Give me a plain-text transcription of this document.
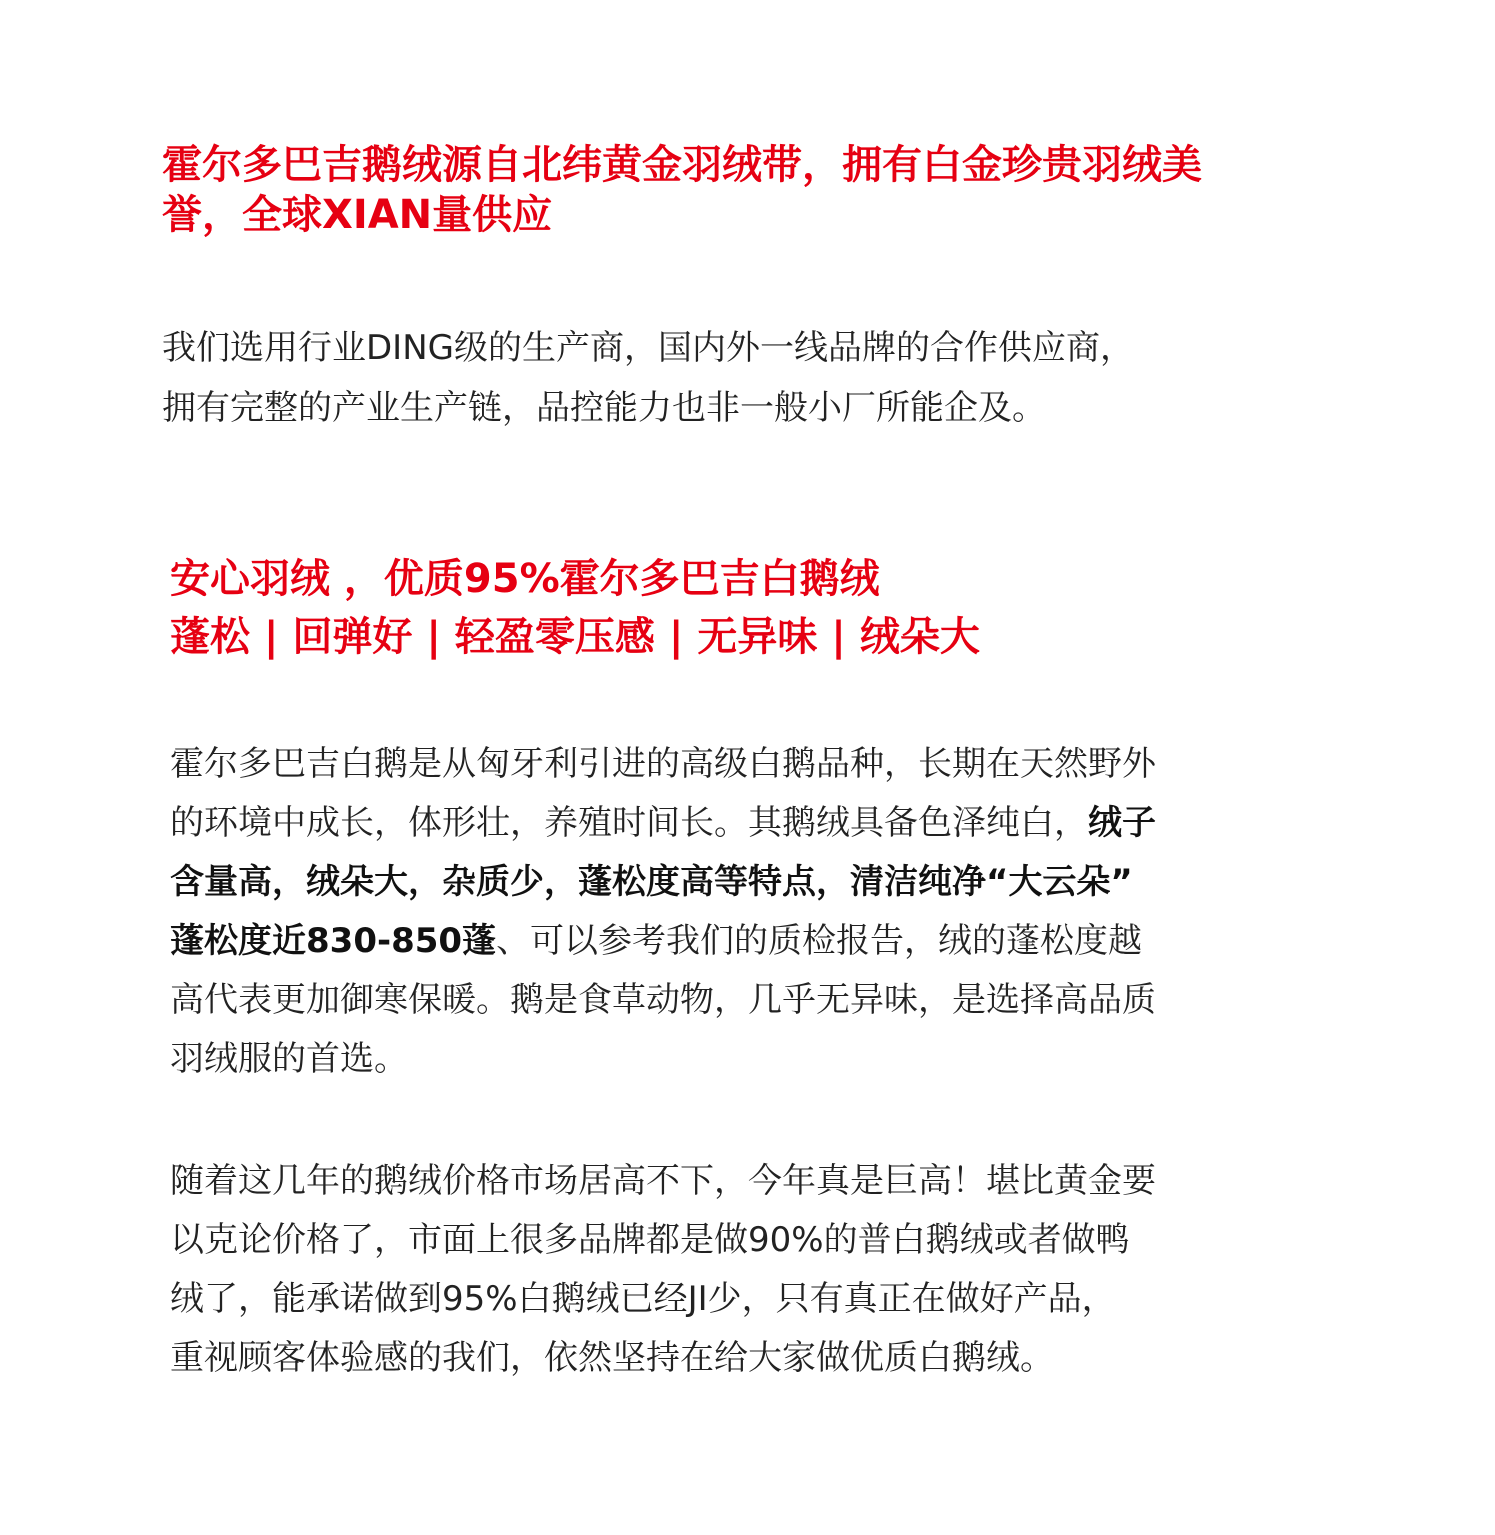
霍尔多巴吉鹅绒源自北纬黄金羽绒带，拥有白金珍贵羽绒美
誉，全球XIAN量供应
我们选用行业DING级的生产商，国内外一线品牌的合作供应商，
拥有完整的产业生产链，品控能力也非一般小厂所能企及。
安心羽绒 ，优质95%霍尔多巴吉白鹅绒
蓬松 | 回弹好 | 轻盈零压感 | 无异味 | 绒朵大
霍尔多巴吉白鹅是从匈牙利引进的高级白鹅品种，长期在天然野外
的环境中成长，体形壮，养殖时间长。其鹅绒具备色泽纯白，绒子
含量高，绒朵大，杂质少，蓬松度高等特点，清洁纯净“大云朵”
蓬松度近830-850蓬、可以参考我们的质检报告，绒的蓬松度越
高代表更加御寒保暖。鹅是食草动物，几乎无异味，是选择高品质
羽绒服的首选。
随着这几年的鹅绒价格市场居高不下，今年真是巨高！堪比黄金要
以克论价格了，市面上很多品牌都是做90%的普白鹅绒或者做鸭
绒了，能承诺做到95%白鹅绒已经JI少，只有真正在做好产品，
重视顾客体验感的我们，依然坚持在给大家做优质白鹅绒。
